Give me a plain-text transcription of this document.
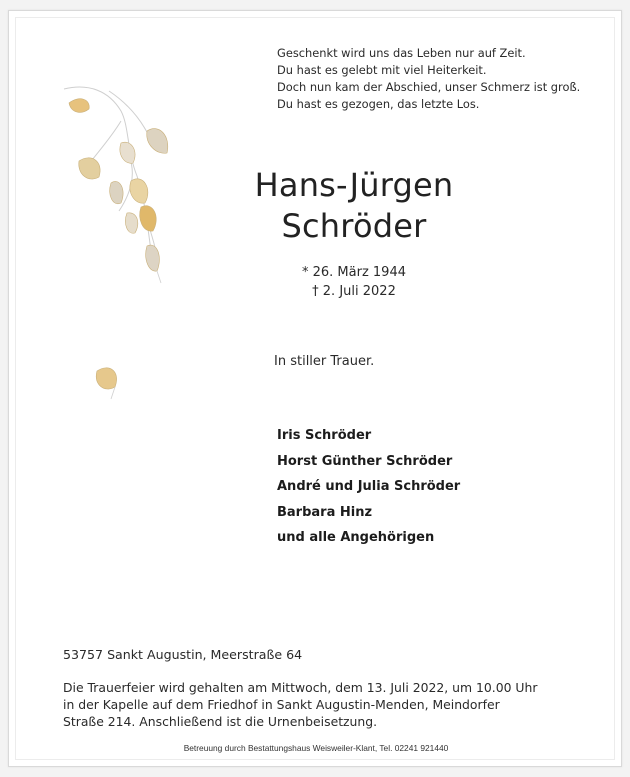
Geschenkt wird uns das Leben nur auf Zeit.
Du hast es gelebt mit viel Heiterkeit.
Doch nun kam der Abschied, unser Schmerz ist groß.
Du hast es gezogen, das letzte Los.
Hans-Jürgen
Schröder
* 26. März 1944
† 2. Juli 2022
In stiller Trauer.
Iris Schröder
Horst Günther Schröder
André und Julia Schröder
Barbara Hinz
und alle Angehörigen
53757 Sankt Augustin, Meerstraße 64
Die Trauerfeier wird gehalten am Mittwoch, dem 13. Juli 2022, um 10.00 Uhr
in der Kapelle auf dem Friedhof in Sankt Augustin-Menden, Meindorfer
Straße 214. Anschließend ist die Urnenbeisetzung.
Betreuung durch Bestattungshaus Weisweiler-Klant, Tel. 02241 921440
